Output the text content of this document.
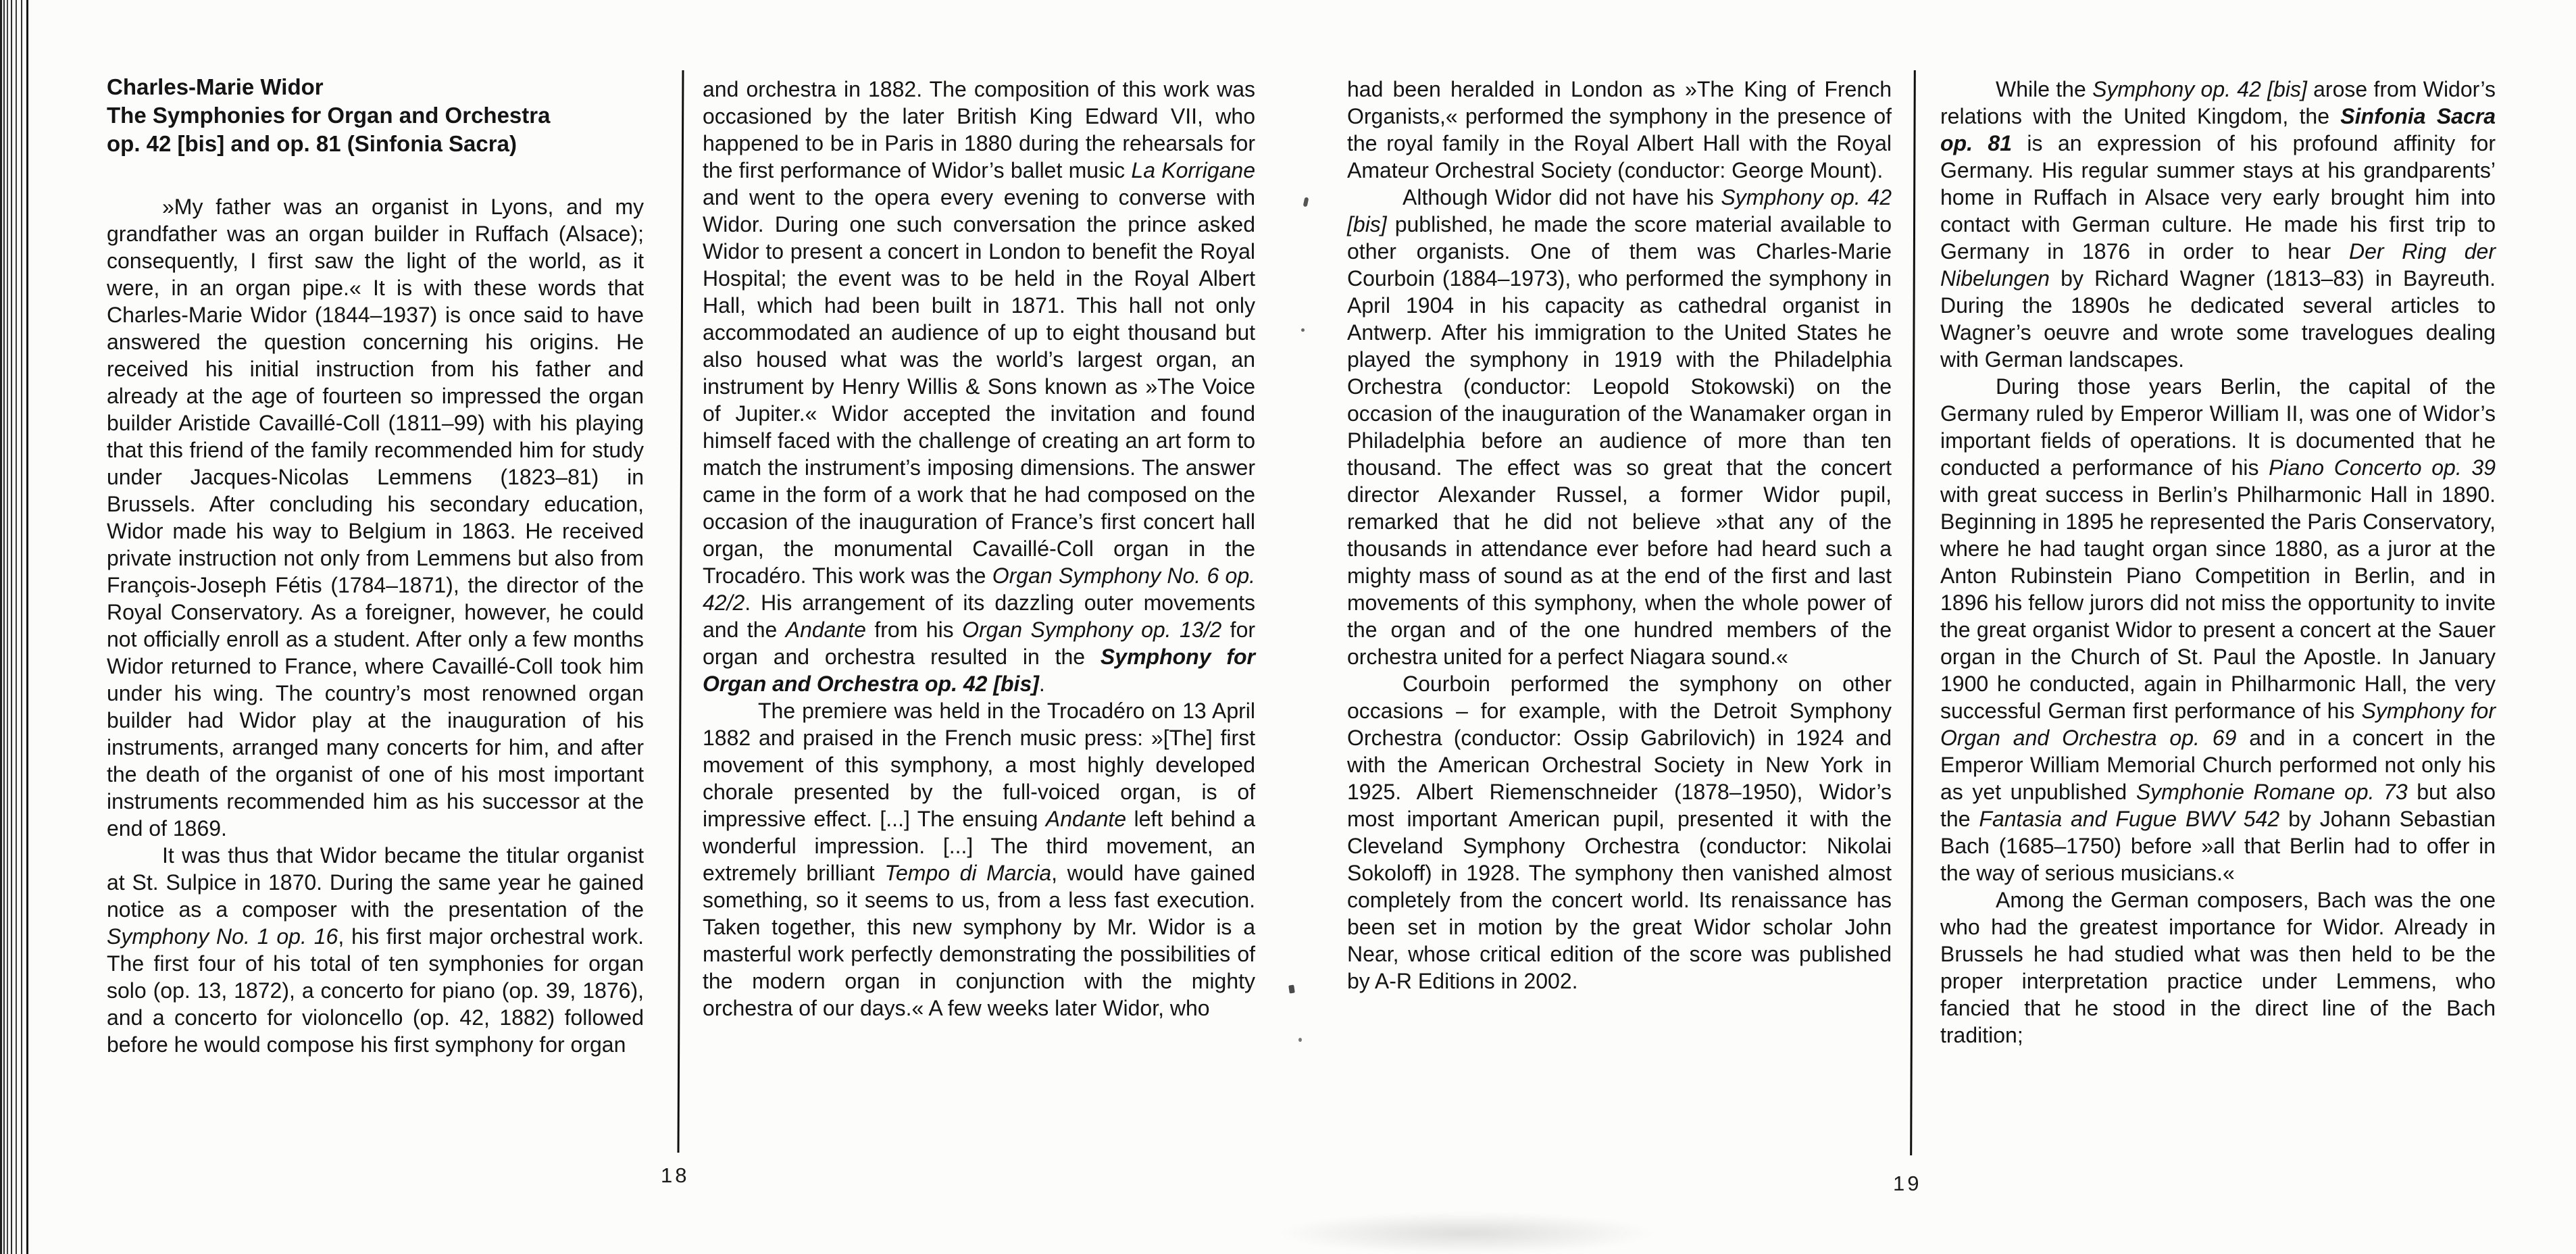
Charles-Marie Widor
The Symphonies for Organ and Orchestra
op. 42 [bis] and op. 81 (Sinfonia Sacra)

»My father was an organist in Lyons, and my grandfather was an organ builder in Ruffach (Alsace); consequently, I first saw the light of the world, as it were, in an organ pipe.« It is with these words that Charles-Marie Widor (1844–1937) is once said to have answered the question concerning his origins. He received his initial instruction from his father and already at the age of fourteen so impressed the organ builder Aristide Cavaillé-Coll (1811–99) with his playing that this friend of the family recommended him for study under Jacques-Nicolas Lemmens (1823–81) in Brussels. After concluding his secondary education, Widor made his way to Belgium in 1863. He received private instruction not only from Lemmens but also from François-Joseph Fétis (1784–1871), the director of the Royal Conservatory. As a foreigner, however, he could not officially enroll as a student. After only a few months Widor returned to France, where Cavaillé-Coll took him under his wing. The country’s most renowned organ builder had Widor play at the inauguration of his instruments, arranged many concerts for him, and after the death of the organist of one of his most important instruments recommended him as his successor at the end of 1869.

It was thus that Widor became the titular organist at St. Sulpice in 1870. During the same year he gained notice as a composer with the presentation of the Symphony No. 1 op. 16, his first major orchestral work. The first four of his total of ten symphonies for organ solo (op. 13, 1872), a concerto for piano (op. 39, 1876), and a concerto for violoncello (op. 42, 1882) followed before he would compose his first symphony for organ

and orchestra in 1882. The composition of this work was occasioned by the later British King Edward VII, who happened to be in Paris in 1880 during the rehearsals for the first performance of Widor’s ballet music La Korrigane and went to the opera every evening to converse with Widor. During one such conversation the prince asked Widor to present a concert in London to benefit the Royal Hospital; the event was to be held in the Royal Albert Hall, which had been built in 1871. This hall not only accommodated an audience of up to eight thousand but also housed what was the world’s largest organ, an instrument by Henry Willis & Sons known as »The Voice of Jupiter.« Widor accepted the invitation and found himself faced with the challenge of creating an art form to match the instrument’s imposing dimensions. The answer came in the form of a work that he had composed on the occasion of the inauguration of France’s first concert hall organ, the monumental Cavaillé-Coll organ in the Trocadéro. This work was the Organ Symphony No. 6 op. 42/2. His arrangement of its dazzling outer movements and the Andante from his Organ Symphony op. 13/2 for organ and orchestra resulted in the Symphony for Organ and Orchestra op. 42 [bis].

The premiere was held in the Trocadéro on 13 April 1882 and praised in the French music press: »[The] first movement of this symphony, a most highly developed chorale presented by the full-voiced organ, is of impressive effect. [...] The ensuing Andante left behind a wonderful impression. [...] The third movement, an extremely brilliant Tempo di Marcia, would have gained something, so it seems to us, from a less fast execution. Taken together, this new symphony by Mr. Widor is a masterful work perfectly demonstrating the possibilities of the modern organ in conjunction with the mighty orchestra of our days.« A few weeks later Widor, who

had been heralded in London as »The King of French Organists,« performed the symphony in the presence of the royal family in the Royal Albert Hall with the Royal Amateur Orchestral Society (conductor: George Mount).

Although Widor did not have his Symphony op. 42 [bis] published, he made the score material available to other organists. One of them was Charles-Marie Courboin (1884–1973), who performed the symphony in April 1904 in his capacity as cathedral organist in Antwerp. After his immigration to the United States he played the symphony in 1919 with the Philadelphia Orchestra (conductor: Leopold Stokowski) on the occasion of the inauguration of the Wanamaker organ in Philadelphia before an audience of more than ten thousand. The effect was so great that the concert director Alexander Russel, a former Widor pupil, remarked that he did not believe »that any of the thousands in attendance ever before had heard such a mighty mass of sound as at the end of the first and last movements of this symphony, when the whole power of the organ and of the one hundred members of the orchestra united for a perfect Niagara sound.«

Courboin performed the symphony on other occasions – for example, with the Detroit Symphony Orchestra (conductor: Ossip Gabrilovich) in 1924 and with the American Orchestral Society in New York in 1925. Albert Riemenschneider (1878–1950), Widor’s most important American pupil, presented it with the Cleveland Symphony Orchestra (conductor: Nikolai Sokoloff) in 1928. The symphony then vanished almost completely from the concert world. Its renaissance has been set in motion by the great Widor scholar John Near, whose critical edition of the score was published by A-R Editions in 2002.

While the Symphony op. 42 [bis] arose from Widor’s relations with the United Kingdom, the Sinfonia Sacra op. 81 is an expression of his profound affinity for Germany. His regular summer stays at his grandparents’ home in Ruffach in Alsace very early brought him into contact with German culture. He made his first trip to Germany in 1876 in order to hear Der Ring der Nibelungen by Richard Wagner (1813–83) in Bayreuth. During the 1890s he dedicated several articles to Wagner’s oeuvre and wrote some travelogues dealing with German landscapes.

During those years Berlin, the capital of the Germany ruled by Emperor William II, was one of Widor’s important fields of operations. It is documented that he conducted a performance of his Piano Concerto op. 39 with great success in Berlin’s Philharmonic Hall in 1890. Beginning in 1895 he represented the Paris Conservatory, where he had taught organ since 1880, as a juror at the Anton Rubinstein Piano Competition in Berlin, and in 1896 his fellow jurors did not miss the opportunity to invite the great organist Widor to present a concert at the Sauer organ in the Church of St. Paul the Apostle. In January 1900 he conducted, again in Philharmonic Hall, the very successful German first performance of his Symphony for Organ and Orchestra op. 69 and in a concert in the Emperor William Memorial Church performed not only his as yet unpublished Symphonie Romane op. 73 but also the Fantasia and Fugue BWV 542 by Johann Sebastian Bach (1685–1750) before »all that Berlin had to offer in the way of serious musicians.«

Among the German composers, Bach was the one who had the greatest importance for Widor. Already in Brussels he had studied what was then held to be the proper interpretation practice under Lemmens, who fancied that he stood in the direct line of the Bach tradition;

18	19
